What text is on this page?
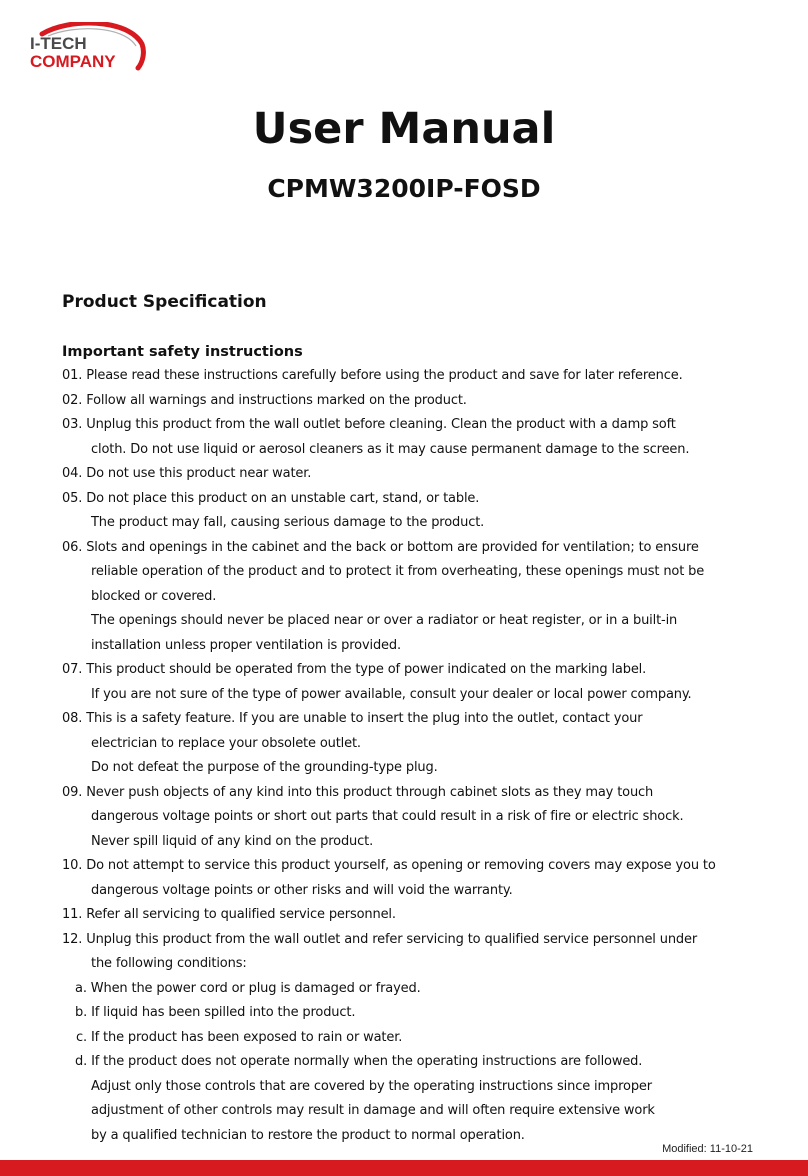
I-TECH
COMPANY
User Manual
CPMW3200IP-FOSD
Product Specification
Important safety instructions
01. Please read these instructions carefully before using the product and save for later reference.
02. Follow all warnings and instructions marked on the product.
03. Unplug this product from the wall outlet before cleaning. Clean the product with a damp soft
cloth. Do not use liquid or aerosol cleaners as it may cause permanent damage to the screen.
04. Do not use this product near water.
05. Do not place this product on an unstable cart, stand, or table.
The product may fall, causing serious damage to the product.
06. Slots and openings in the cabinet and the back or bottom are provided for ventilation; to ensure
reliable operation of the product and to protect it from overheating, these openings must not be
blocked or covered.
The openings should never be placed near or over a radiator or heat register, or in a built-in
installation unless proper ventilation is provided.
07. This product should be operated from the type of power indicated on the marking label.
If you are not sure of the type of power available, consult your dealer or local power company.
08. This is a safety feature. If you are unable to insert the plug into the outlet, contact your
electrician to replace your obsolete outlet.
Do not defeat the purpose of the grounding-type plug.
09. Never push objects of any kind into this product through cabinet slots as they may touch
dangerous voltage points or short out parts that could result in a risk of fire or electric shock.
Never spill liquid of any kind on the product.
10. Do not attempt to service this product yourself, as opening or removing covers may expose you to
dangerous voltage points or other risks and will void the warranty.
11. Refer all servicing to qualified service personnel.
12. Unplug this product from the wall outlet and refer servicing to qualified service personnel under
the following conditions:
a. When the power cord or plug is damaged or frayed.
b. If liquid has been spilled into the product.
c. If the product has been exposed to rain or water.
d. If the product does not operate normally when the operating instructions are followed.
Adjust only those controls that are covered by the operating instructions since improper
adjustment of other controls may result in damage and will often require extensive work
by a qualified technician to restore the product to normal operation.
Modified: 11-10-21
